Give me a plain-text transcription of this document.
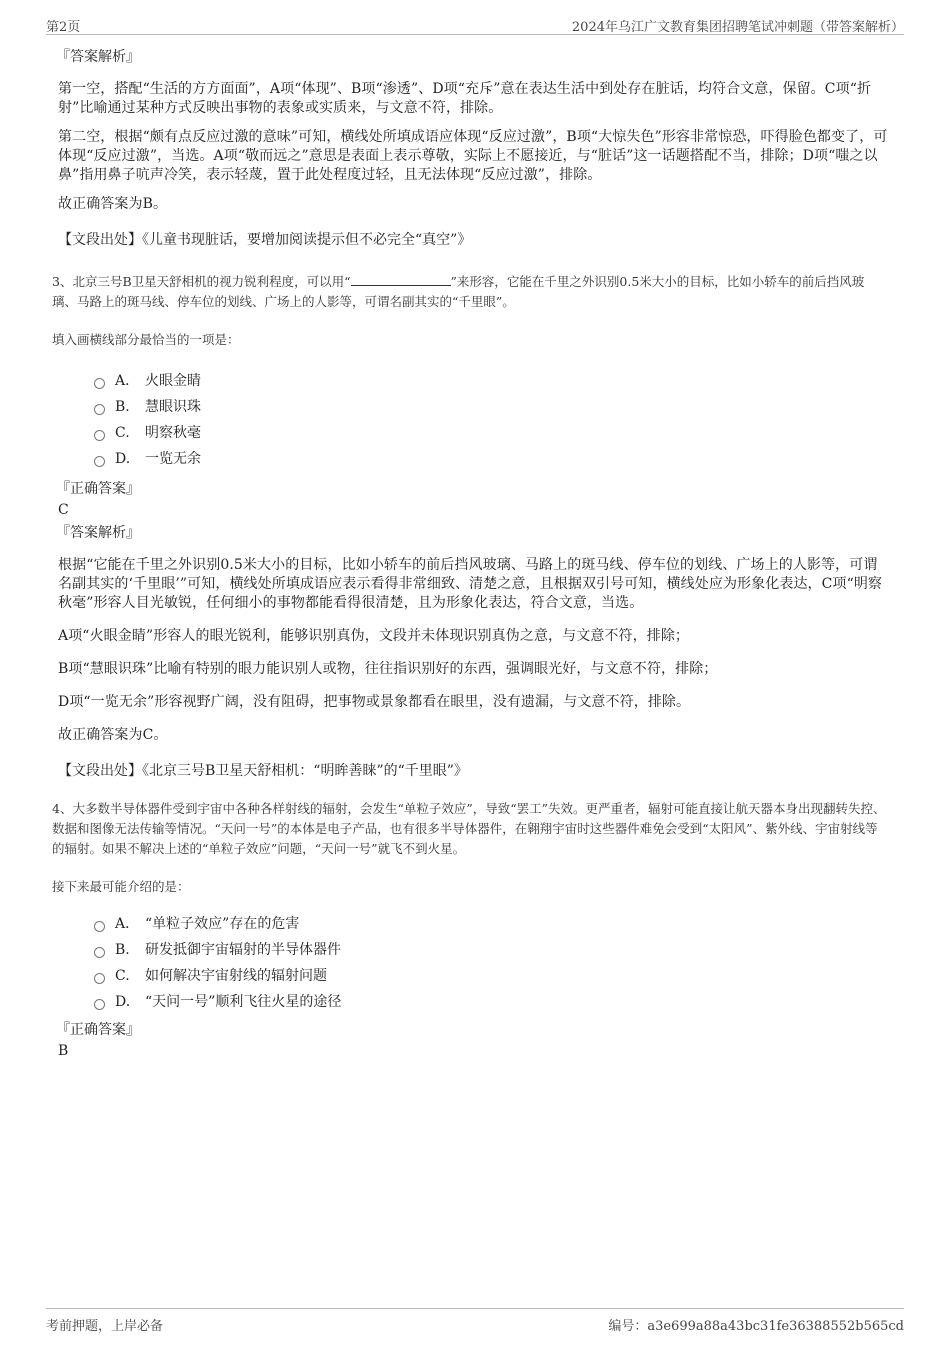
第2页	2024年乌江广文教育集团招聘笔试冲刺题（带答案解析）

『答案解析』

第一空，搭配“生活的方方面面”，A项“体现”、B项“渗透”、D项“充斥”意在表达生活中到处存在脏话，均符合文意，保留。C项“折射”比喻通过某种方式反映出事物的表象或实质来，与文意不符，排除。

第二空，根据“颇有点反应过激的意味”可知，横线处所填成语应体现“反应过激”，B项“大惊失色”形容非常惊恐，吓得脸色都变了，可体现“反应过激”，当选。A项“敬而远之”意思是表面上表示尊敬，实际上不愿接近，与“脏话”这一话题搭配不当，排除；D项“嗤之以鼻”指用鼻子吭声冷笑，表示轻蔑，置于此处程度过轻，且无法体现“反应过激”，排除。

故正确答案为B。

【文段出处】《儿童书现脏话，要增加阅读提示但不必完全“真空”》

3、北京三号B卫星天舒相机的视力锐利程度，可以用“	”来形容，它能在千里之外识别0.5米大小的目标，比如小轿车的前后挡风玻璃、马路上的斑马线、停车位的划线、广场上的人影等，可谓名副其实的“千里眼”。

填入画横线部分最恰当的一项是：

A． 火眼金睛
B.	慧眼识珠
C.	明察秋毫
D.	一览无余

『正确答案』

C

『答案解析』

根据“它能在千里之外识别0.5米大小的目标，比如小轿车的前后挡风玻璃、马路上的斑马线、停车位的划线、广场上的人影等，可谓名副其实的‘千里眼’”可知，横线处所填成语应表示看得非常细致、清楚之意，且根据双引号可知，横线处应为形象化表达，C项“明察秋毫”形容人目光敏锐，任何细小的事物都能看得很清楚，且为形象化表达，符合文意，当选。

A项“火眼金睛”形容人的眼光锐利，能够识别真伪，文段并未体现识别真伪之意，与文意不符，排除；

B项“慧眼识珠”比喻有特别的眼力能识别人或物，往往指识别好的东西，强调眼光好，与文意不符，排除；

D项“一览无余”形容视野广阔，没有阻碍，把事物或景象都看在眼里，没有遗漏，与文意不符，排除。

故正确答案为C。

【文段出处】《北京三号B卫星天舒相机：“明眸善睐”的“千里眼”》

4、大多数半导体器件受到宇宙中各种各样射线的辐射，会发生“单粒子效应”，导致“罢工”失效。更严重者，辐射可能直接让航天器本身出现翻转失控、数据和图像无法传输等情况。“天问一号”的本体是电子产品，也有很多半导体器件，在翱翔宇宙时这些器件难免会受到“太阳风”、紫外线、宇宙射线等的辐射。如果不解决上述的“单粒子效应”问题，“天问一号”就飞不到火星。

接下来最可能介绍的是：

A． “单粒子效应”存在的危害
B.	研发抵御宇宙辐射的半导体器件
C.	如何解决宇宙射线的辐射问题
D.	“天问一号”顺利飞往火星的途径

『正确答案』

B

考前押题，上岸必备	编号：a3e699a88a43bc31fe36388552b565cd
